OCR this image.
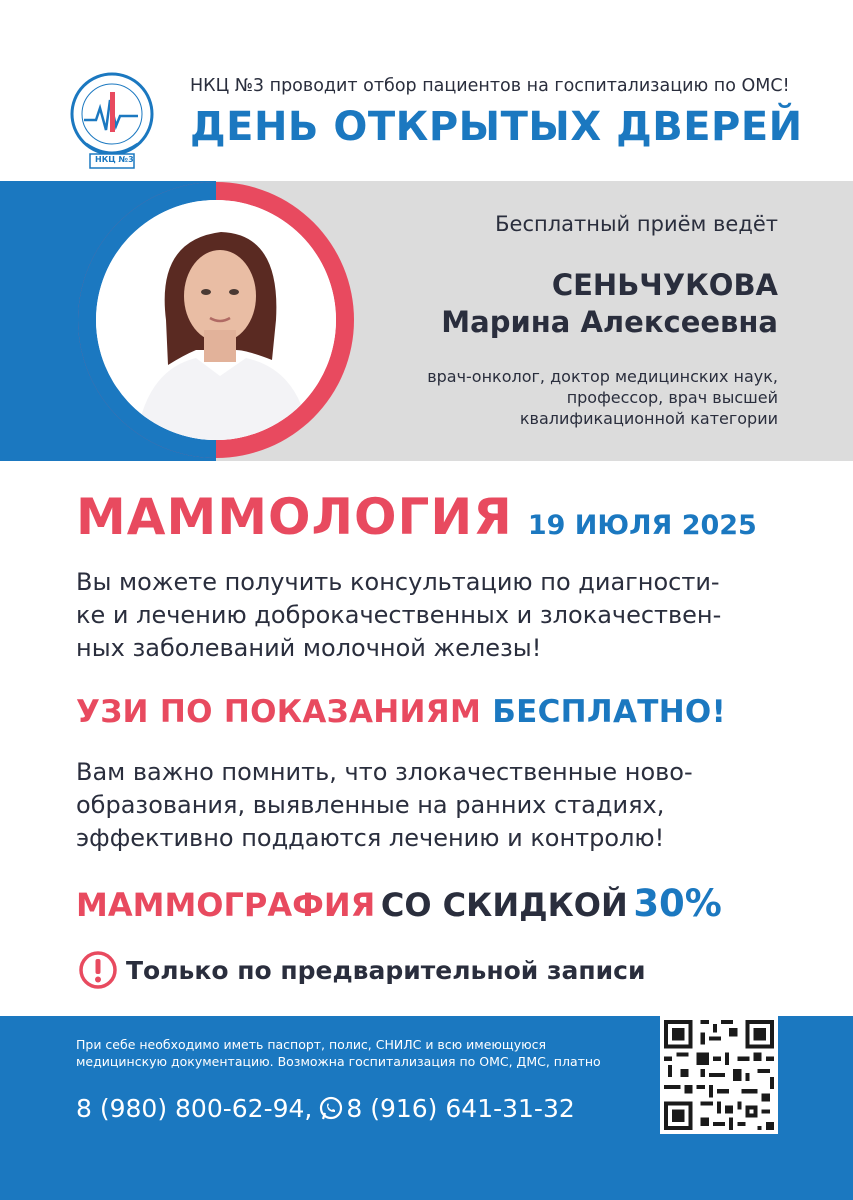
НКЦ №3
НКЦ №3 проводит отбор пациентов на госпитализацию по ОМС!
ДЕНЬ ОТКРЫТЫХ ДВЕРЕЙ
Бесплатный приём ведёт
СЕНЬЧУКОВА
Марина Алексеевна
врач-онколог, доктор медицинских наук,
профессор, врач высшей
квалификационной категории
МАММОЛОГИЯ 19 ИЮЛЯ 2025
Вы можете получить консультацию по диагности-
ке и лечению доброкачественных и злокачествен-
ных заболеваний молочной железы!
УЗИ ПО ПОКАЗАНИЯМ БЕСПЛАТНО!
Вам важно помнить, что злокачественные ново-
образования, выявленные на ранних стадиях,
эффективно поддаются лечению и контролю!
МАММОГРАФИЯ СО СКИДКОЙ 30%
Только по предварительной записи
При себе необходимо иметь паспорт, полис, СНИЛС и всю имеющуюся
медицинскую документацию. Возможна госпитализация по ОМС, ДМС, платно
8 (980) 800-62-94, 8 (916) 641-31-32
